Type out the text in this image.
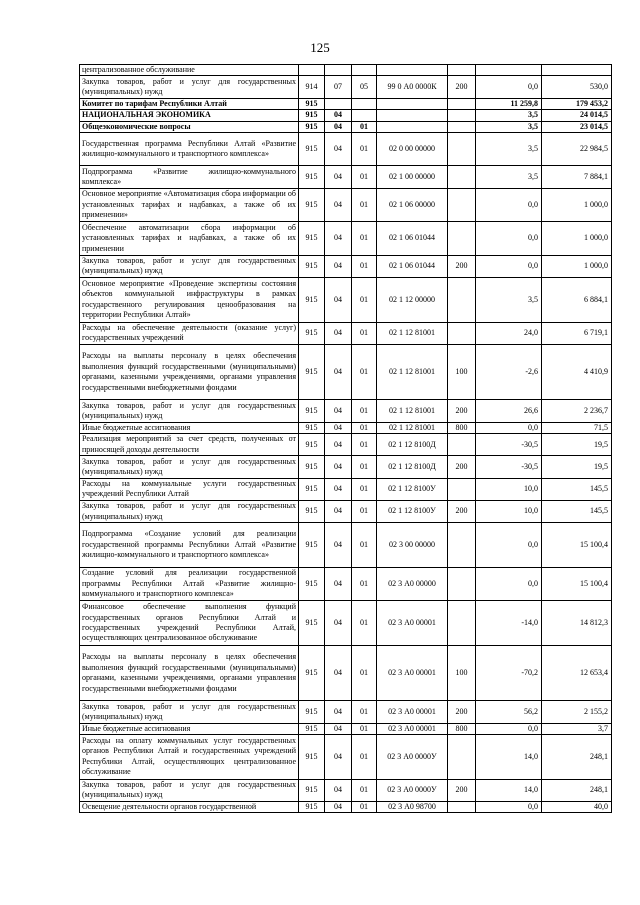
125
централизованное обслуживание							
Закупка товаров, работ и услуг для государственных (муниципальных) нужд	914	07	05	99 0 А0 0000К	200	0,0	530,0
Комитет по тарифам Республики Алтай	915					11 259,8	179 453,2
НАЦИОНАЛЬНАЯ ЭКОНОМИКА	915	04				3,5	24 014,5
Общеэкономические вопросы	915	04	01			3,5	23 014,5
Государственная программа Республики Алтай «Развитие жилищно-коммунального и транспортного комплекса»	915	04	01	02 0 00 00000		3,5	22 984,5
Подпрограмма «Развитие жилищно-коммунального комплекса»	915	04	01	02 1 00 00000		3,5	7 884,1
Основное мероприятие «Автоматизация сбора информации об установленных тарифах и надбавках, а также об их применении»	915	04	01	02 1 06 00000		0,0	1 000,0
Обеспечение автоматизации сбора информации об установленных тарифах и надбавках, а также об их применении	915	04	01	02 1 06 01044		0,0	1 000,0
Закупка товаров, работ и услуг для государственных (муниципальных) нужд	915	04	01	02 1 06 01044	200	0,0	1 000,0
Основное мероприятие «Проведение экспертизы состояния объектов коммунальной инфраструктуры в рамках государственного регулирования ценообразования на территории Республики Алтай»	915	04	01	02 1 12 00000		3,5	6 884,1
Расходы на обеспечение деятельности (оказание услуг) государственных учреждений	915	04	01	02 1 12 81001		24,0	6 719,1
Расходы на выплаты персоналу в целях обеспечения выполнения функций государственными (муниципальными) органами, казенными учреждениями, органами управления государственными внебюджетными фондами	915	04	01	02 1 12 81001	100	-2,6	4 410,9
Закупка товаров, работ и услуг для государственных (муниципальных) нужд	915	04	01	02 1 12 81001	200	26,6	2 236,7
Иные бюджетные ассигнования	915	04	01	02 1 12 81001	800	0,0	71,5
Реализация мероприятий за счет средств, полученных от приносящей доходы деятельности	915	04	01	02 1 12 8100Д		-30,5	19,5
Закупка товаров, работ и услуг для государственных (муниципальных) нужд	915	04	01	02 1 12 8100Д	200	-30,5	19,5
Расходы на коммунальные услуги государственных учреждений Республики Алтай	915	04	01	02 1 12 8100У		10,0	145,5
Закупка товаров, работ и услуг для государственных (муниципальных) нужд	915	04	01	02 1 12 8100У	200	10,0	145,5
Подпрограмма «Создание условий для реализации государственной программы Республики Алтай «Развитие жилищно-коммунального и транспортного комплекса»	915	04	01	02 3 00 00000		0,0	15 100,4
Создание условий для реализации государственной программы Республики Алтай «Развитие жилищно-коммунального и транспортного комплекса»	915	04	01	02 3 А0 00000		0,0	15 100,4
Финансовое обеспечение выполнения функций государственных органов Республики Алтай и государственных учреждений Республики Алтай, осуществляющих централизованное обслуживание	915	04	01	02 3 А0 00001		-14,0	14 812,3
Расходы на выплаты персоналу в целях обеспечения выполнения функций государственными (муниципальными) органами, казенными учреждениями, органами управления государственными внебюджетными фондами	915	04	01	02 3 А0 00001	100	-70,2	12 653,4
Закупка товаров, работ и услуг для государственных (муниципальных) нужд	915	04	01	02 3 А0 00001	200	56,2	2 155,2
Иные бюджетные ассигнования	915	04	01	02 3 А0 00001	800	0,0	3,7
Расходы на оплату коммунальных услуг государственных органов Республики Алтай и государственных учреждений Республики Алтай, осуществляющих централизованное обслуживание	915	04	01	02 3 А0 0000У		14,0	248,1
Закупка товаров, работ и услуг для государственных (муниципальных) нужд	915	04	01	02 3 А0 0000У	200	14,0	248,1
Освещение деятельности органов государственной	915	04	01	02 3 А0 98700		0,0	40,0
